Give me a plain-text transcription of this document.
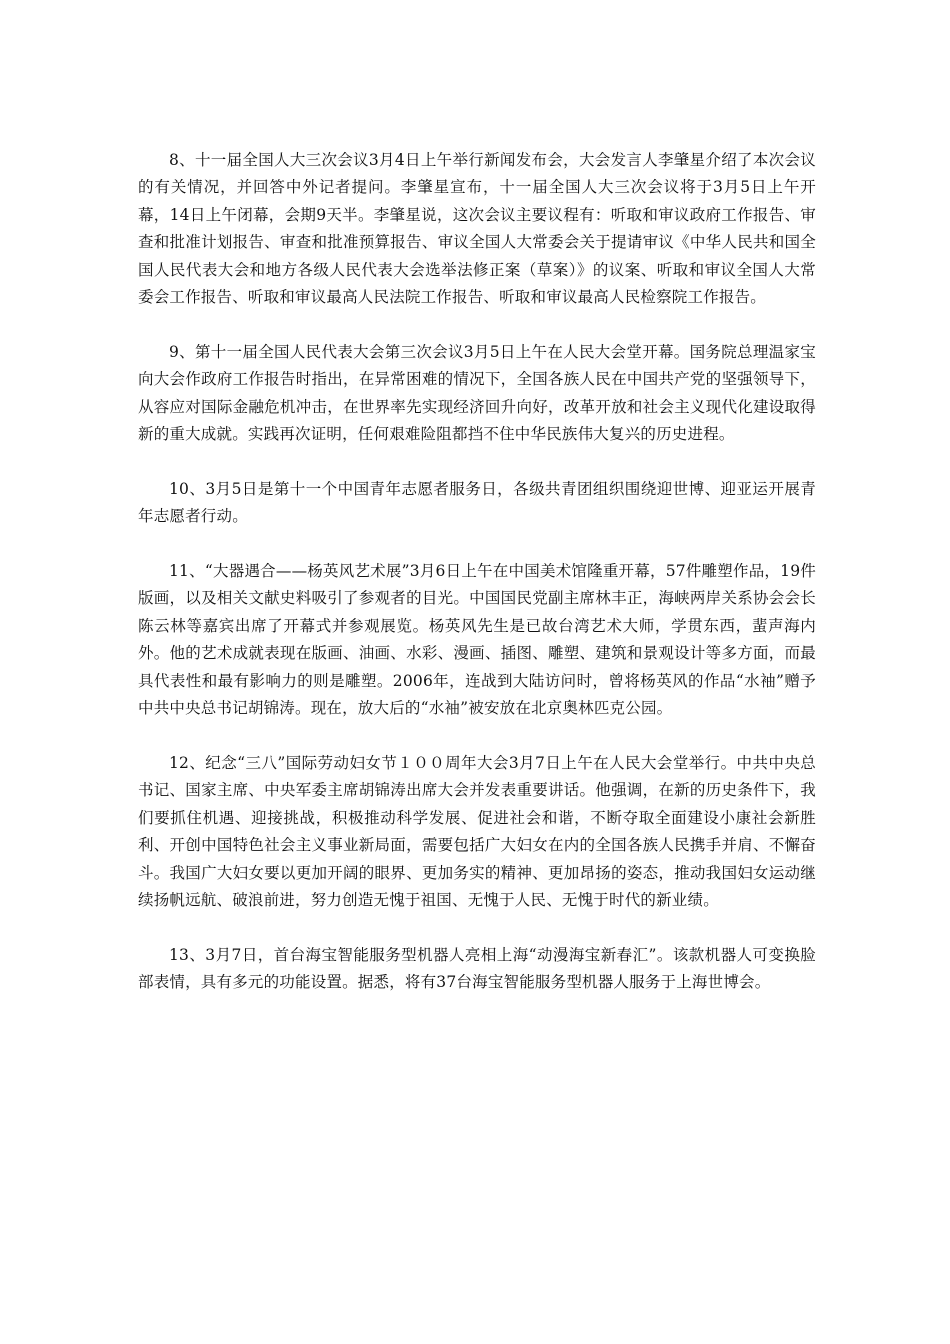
8、十一届全国人大三次会议3月4日上午举行新闻发布会，大会发言人李肇星介绍了本次会议的有关情况，并回答中外记者提问。李肇星宣布，十一届全国人大三次会议将于3月5日上午开幕，14日上午闭幕，会期9天半。李肇星说，这次会议主要议程有：听取和审议政府工作报告、审查和批准计划报告、审查和批准预算报告、审议全国人大常委会关于提请审议《中华人民共和国全国人民代表大会和地方各级人民代表大会选举法修正案（草案）》的议案、听取和审议全国人大常委会工作报告、听取和审议最高人民法院工作报告、听取和审议最高人民检察院工作报告。

9、第十一届全国人民代表大会第三次会议3月5日上午在人民大会堂开幕。国务院总理温家宝向大会作政府工作报告时指出，在异常困难的情况下，全国各族人民在中国共产党的坚强领导下，从容应对国际金融危机冲击，在世界率先实现经济回升向好，改革开放和社会主义现代化建设取得新的重大成就。实践再次证明，任何艰难险阻都挡不住中华民族伟大复兴的历史进程。

10、3月5日是第十一个中国青年志愿者服务日，各级共青团组织围绕迎世博、迎亚运开展青年志愿者行动。

11、“大器遇合——杨英风艺术展”3月6日上午在中国美术馆隆重开幕，57件雕塑作品，19件版画，以及相关文献史料吸引了参观者的目光。中国国民党副主席林丰正，海峡两岸关系协会会长陈云林等嘉宾出席了开幕式并参观展览。杨英风先生是已故台湾艺术大师，学贯东西，蜚声海内外。他的艺术成就表现在版画、油画、水彩、漫画、插图、雕塑、建筑和景观设计等多方面，而最具代表性和最有影响力的则是雕塑。2006年，连战到大陆访问时，曾将杨英风的作品“水袖”赠予中共中央总书记胡锦涛。现在，放大后的“水袖”被安放在北京奥林匹克公园。

12、纪念“三八”国际劳动妇女节１００周年大会3月7日上午在人民大会堂举行。中共中央总书记、国家主席、中央军委主席胡锦涛出席大会并发表重要讲话。他强调，在新的历史条件下，我们要抓住机遇、迎接挑战，积极推动科学发展、促进社会和谐，不断夺取全面建设小康社会新胜利、开创中国特色社会主义事业新局面，需要包括广大妇女在内的全国各族人民携手并肩、不懈奋斗。我国广大妇女要以更加开阔的眼界、更加务实的精神、更加昂扬的姿态，推动我国妇女运动继续扬帆远航、破浪前进，努力创造无愧于祖国、无愧于人民、无愧于时代的新业绩。

13、3月7日，首台海宝智能服务型机器人亮相上海“动漫海宝新春汇”。该款机器人可变换脸部表情，具有多元的功能设置。据悉，将有37台海宝智能服务型机器人服务于上海世博会。
